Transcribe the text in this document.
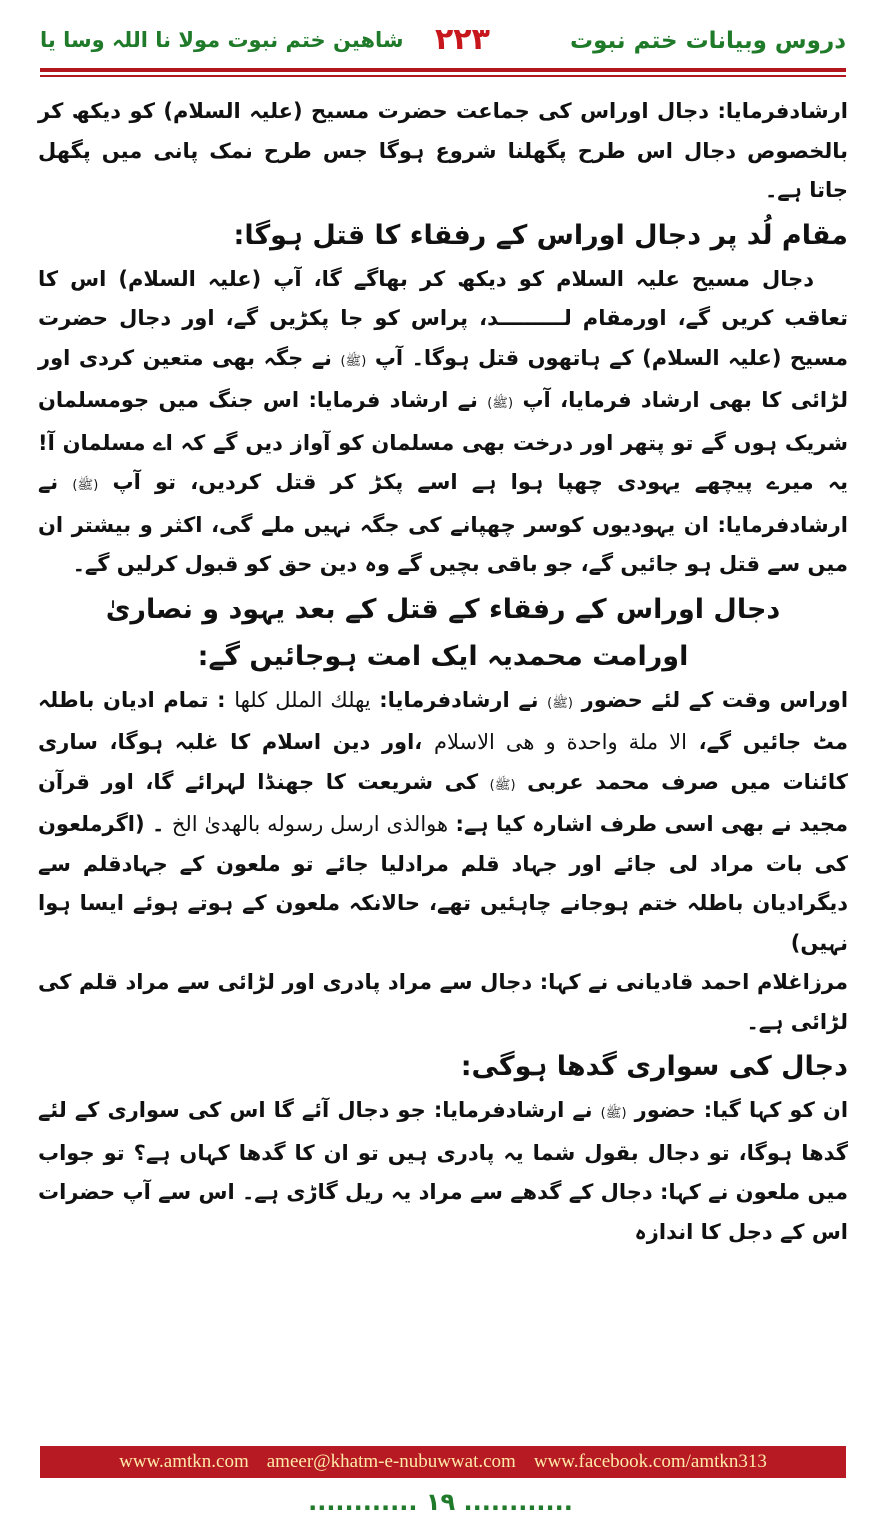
دروس وبیانات ختم نبوت
۲۲۳
شاھین ختم نبوت مولا نا اللہ وسا یا

ارشادفرمایا: دجال اوراس کی جماعت حضرت مسیح (علیہ السلام) کو دیکھ کر بالخصوص دجال اس طرح پگھلنا شروع ہوگا جس طرح نمک پانی میں پگھل جاتا ہے۔

مقام لُد پر دجال اوراس کے رفقاء کا قتل ہوگا:

دجال مسیح علیہ السلام کو دیکھ کر بھاگے گا، آپ (علیہ السلام) اس کا تعاقب کریں گے، اورمقام لـــــــــد، پراس کو جا پکڑیں گے، اور دجال حضرت مسیح (علیہ السلام) کے ہاتھوں قتل ہوگا۔ آپ (ﷺ) نے جگہ بھی متعین کردی اور لڑائی کا بھی ارشاد فرمایا، آپ (ﷺ) نے ارشاد فرمایا: اس جنگ میں جومسلمان شریک ہوں گے تو پتھر اور درخت بھی مسلمان کو آواز دیں گے کہ اے مسلمان آ! یہ میرے پیچھے یہودی چھپا ہوا ہے اسے پکڑ کر قتل کردیں، تو آپ (ﷺ) نے ارشادفرمایا: ان یہودیوں کوسر چھپانے کی جگہ نہیں ملے گی، اکثر و بیشتر ان میں سے قتل ہو جائیں گے، جو باقی بچیں گے وہ دین حق کو قبول کرلیں گے۔

دجال اوراس کے رفقاء کے قتل کے بعد یہود و نصاریٰ
اورامت محمدیہ ایک امت ہوجائیں گے:

اوراس وقت کے لئے حضور (ﷺ) نے ارشادفرمایا: یھلك الملل کلھا : تمام ادیان باطلہ مٹ جائیں گے، الا ملة واحدة و ھی الاسلام ،اور دین اسلام کا غلبہ ہوگا، ساری کائنات میں صرف محمد عربی (ﷺ) کی شریعت کا جھنڈا لہرائے گا، اور قرآن مجید نے بھی اسی طرف اشارہ کیا ہے: ھوالذی ارسل رسوله بالھدیٰ الخ ۔ (اگرملعون کی بات مراد لی جائے اور جہاد قلم مرادلیا جائے تو ملعون کے جہادقلم سے دیگرادیان باطلہ ختم ہوجانے چاہئیں تھے، حالانکہ ملعون کے ہوتے ہوئے ایسا ہوا نہیں)

مرزاغلام احمد قادیانی نے کہا: دجال سے مراد پادری اور لڑائی سے مراد قلم کی لڑائی ہے۔

دجال کی سواری گدھا ہوگی:

ان کو کہا گیا: حضور (ﷺ) نے ارشادفرمایا: جو دجال آئے گا اس کی سواری کے لئے گدھا ہوگا، تو دجال بقول شما یہ پادری ہیں تو ان کا گدھا کہاں ہے؟ تو جواب میں ملعون نے کہا: دجال کے گدھے سے مراد یہ ریل گاڑی ہے۔ اس سے آپ حضرات اس کے دجل کا اندازہ

www.amtkn.com ameer@khatm-e-nubuwwat.com www.facebook.com/amtkn313
............ ۱۹ ............
